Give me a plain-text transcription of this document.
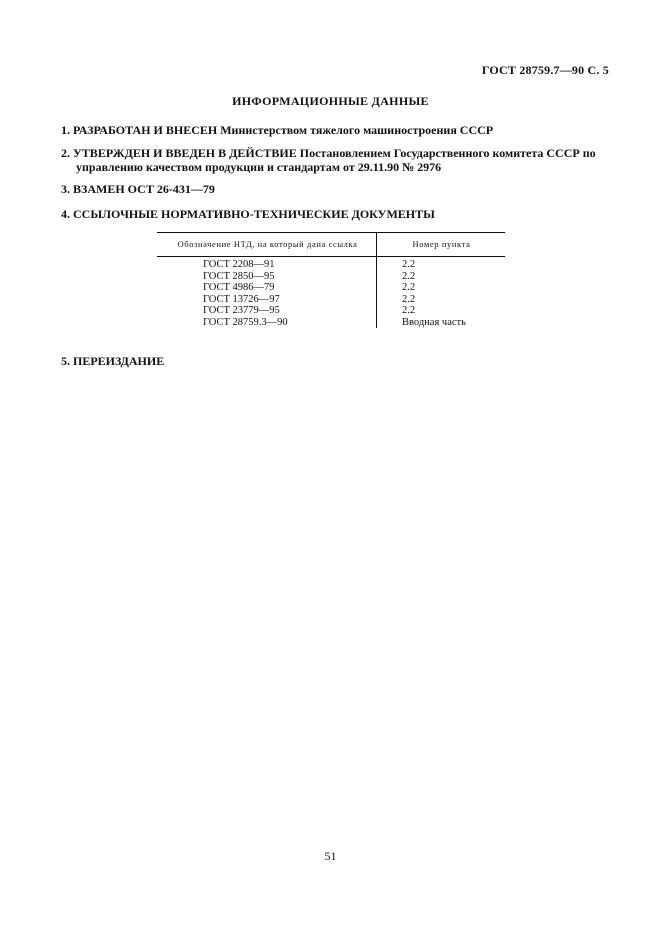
ГОСТ 28759.7—90 С. 5
ИНФОРМАЦИОННЫЕ ДАННЫЕ
1. РАЗРАБОТАН И ВНЕСЕН Министерством тяжелого машиностроения СССР
2. УТВЕРЖДЕН И ВВЕДЕН В ДЕЙСТВИЕ Постановлением Государственного комитета СССР по
управлению качеством продукции и стандартам от 29.11.90 № 2976
3. ВЗАМЕН ОСТ 26-431—79
4. ССЫЛОЧНЫЕ НОРМАТИВНО-ТЕХНИЧЕСКИЕ ДОКУМЕНТЫ
Обозначение НТД, на который дана ссылка	Номер пункта
ГОСТ 2208—91	2.2
ГОСТ 2850—95	2.2
ГОСТ 4986—79	2.2
ГОСТ 13726—97	2.2
ГОСТ 23779—95	2.2
ГОСТ 28759.3—90	Вводная часть
5. ПЕРЕИЗДАНИЕ
51
